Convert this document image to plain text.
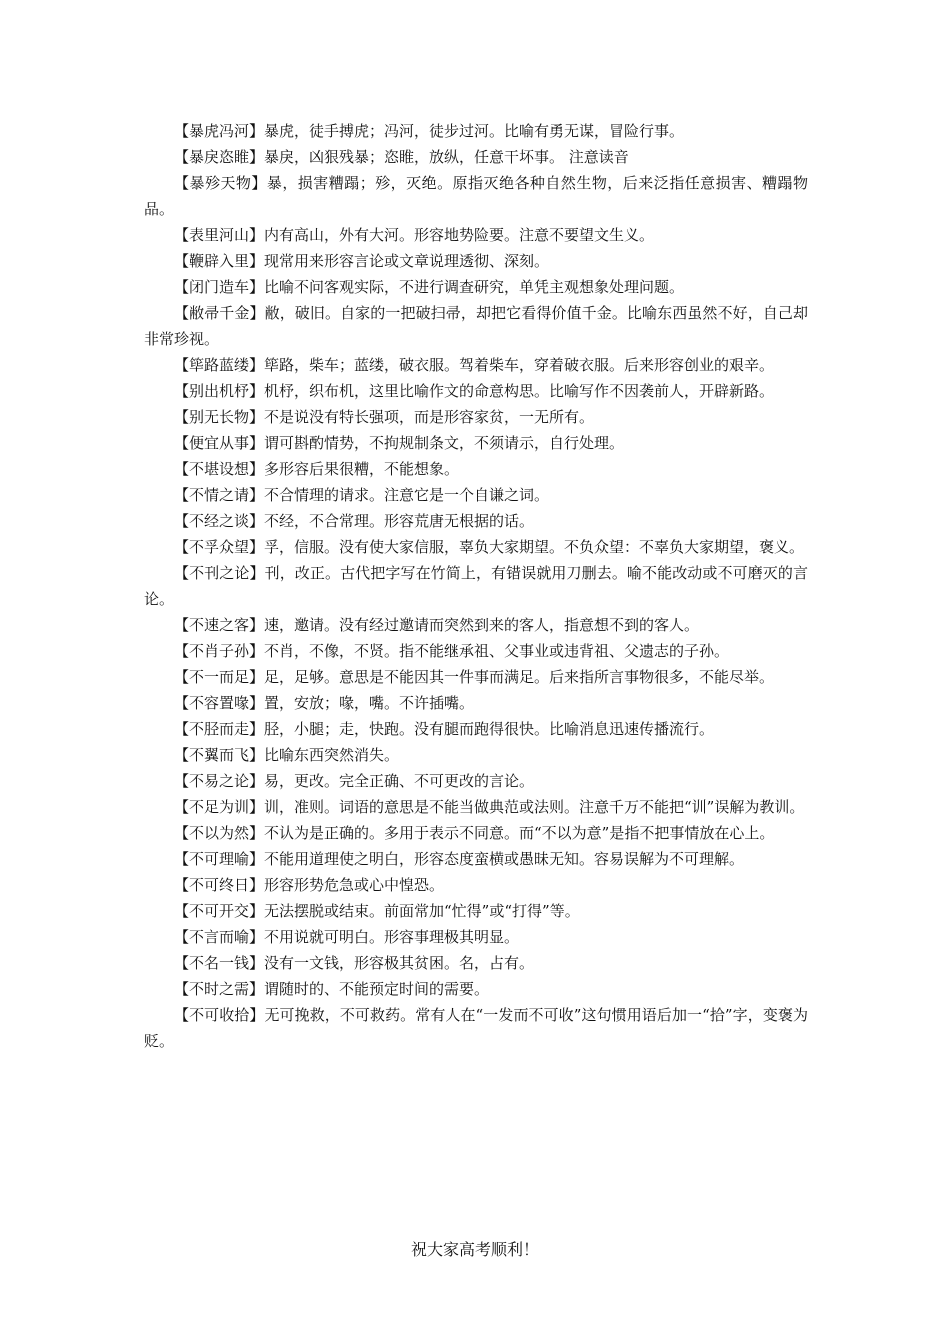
【暴虎冯河】暴虎，徒手搏虎；冯河，徒步过河。比喻有勇无谋，冒险行事。

【暴戾恣睢】暴戾，凶狠残暴；恣睢，放纵，任意干坏事。 注意读音

【暴殄天物】暴，损害糟蹋；殄，灭绝。原指灭绝各种自然生物，后来泛指任意损害、糟蹋物品。

【表里河山】内有高山，外有大河。形容地势险要。注意不要望文生义。

【鞭辟入里】现常用来形容言论或文章说理透彻、深刻。

【闭门造车】比喻不问客观实际，不进行调查研究，单凭主观想象处理问题。

【敝帚千金】敝，破旧。自家的一把破扫帚，却把它看得价值千金。比喻东西虽然不好，自己却非常珍视。

【筚路蓝缕】筚路，柴车；蓝缕，破衣服。驾着柴车，穿着破衣服。后来形容创业的艰辛。

【别出机杼】机杼，织布机，这里比喻作文的命意构思。比喻写作不因袭前人，开辟新路。

【别无长物】不是说没有特长强项，而是形容家贫，一无所有。

【便宜从事】谓可斟酌情势，不拘规制条文，不须请示，自行处理。

【不堪设想】多形容后果很糟，不能想象。

【不情之请】不合情理的请求。注意它是一个自谦之词。

【不经之谈】不经，不合常理。形容荒唐无根据的话。

【不孚众望】孚，信服。没有使大家信服，辜负大家期望。不负众望：不辜负大家期望，褒义。

【不刊之论】刊，改正。古代把字写在竹简上，有错误就用刀删去。喻不能改动或不可磨灭的言论。

【不速之客】速，邀请。没有经过邀请而突然到来的客人，指意想不到的客人。

【不肖子孙】不肖，不像，不贤。指不能继承祖、父事业或违背祖、父遗志的子孙。

【不一而足】足，足够。意思是不能因其一件事而满足。后来指所言事物很多，不能尽举。

【不容置喙】置，安放；喙，嘴。不许插嘴。

【不胫而走】胫，小腿；走，快跑。没有腿而跑得很快。比喻消息迅速传播流行。

【不翼而飞】比喻东西突然消失。

【不易之论】易，更改。完全正确、不可更改的言论。

【不足为训】训，准则。词语的意思是不能当做典范或法则。注意千万不能把“训”误解为教训。

【不以为然】不认为是正确的。多用于表示不同意。而“不以为意”是指不把事情放在心上。

【不可理喻】不能用道理使之明白，形容态度蛮横或愚昧无知。容易误解为不可理解。

【不可终日】形容形势危急或心中惶恐。

【不可开交】无法摆脱或结束。前面常加“忙得”或“打得”等。

【不言而喻】不用说就可明白。形容事理极其明显。

【不名一钱】没有一文钱，形容极其贫困。名，占有。

【不时之需】谓随时的、不能预定时间的需要。

【不可收拾】无可挽救，不可救药。常有人在“一发而不可收”这句惯用语后加一“拾”字，变褒为贬。

祝大家高考顺利！
